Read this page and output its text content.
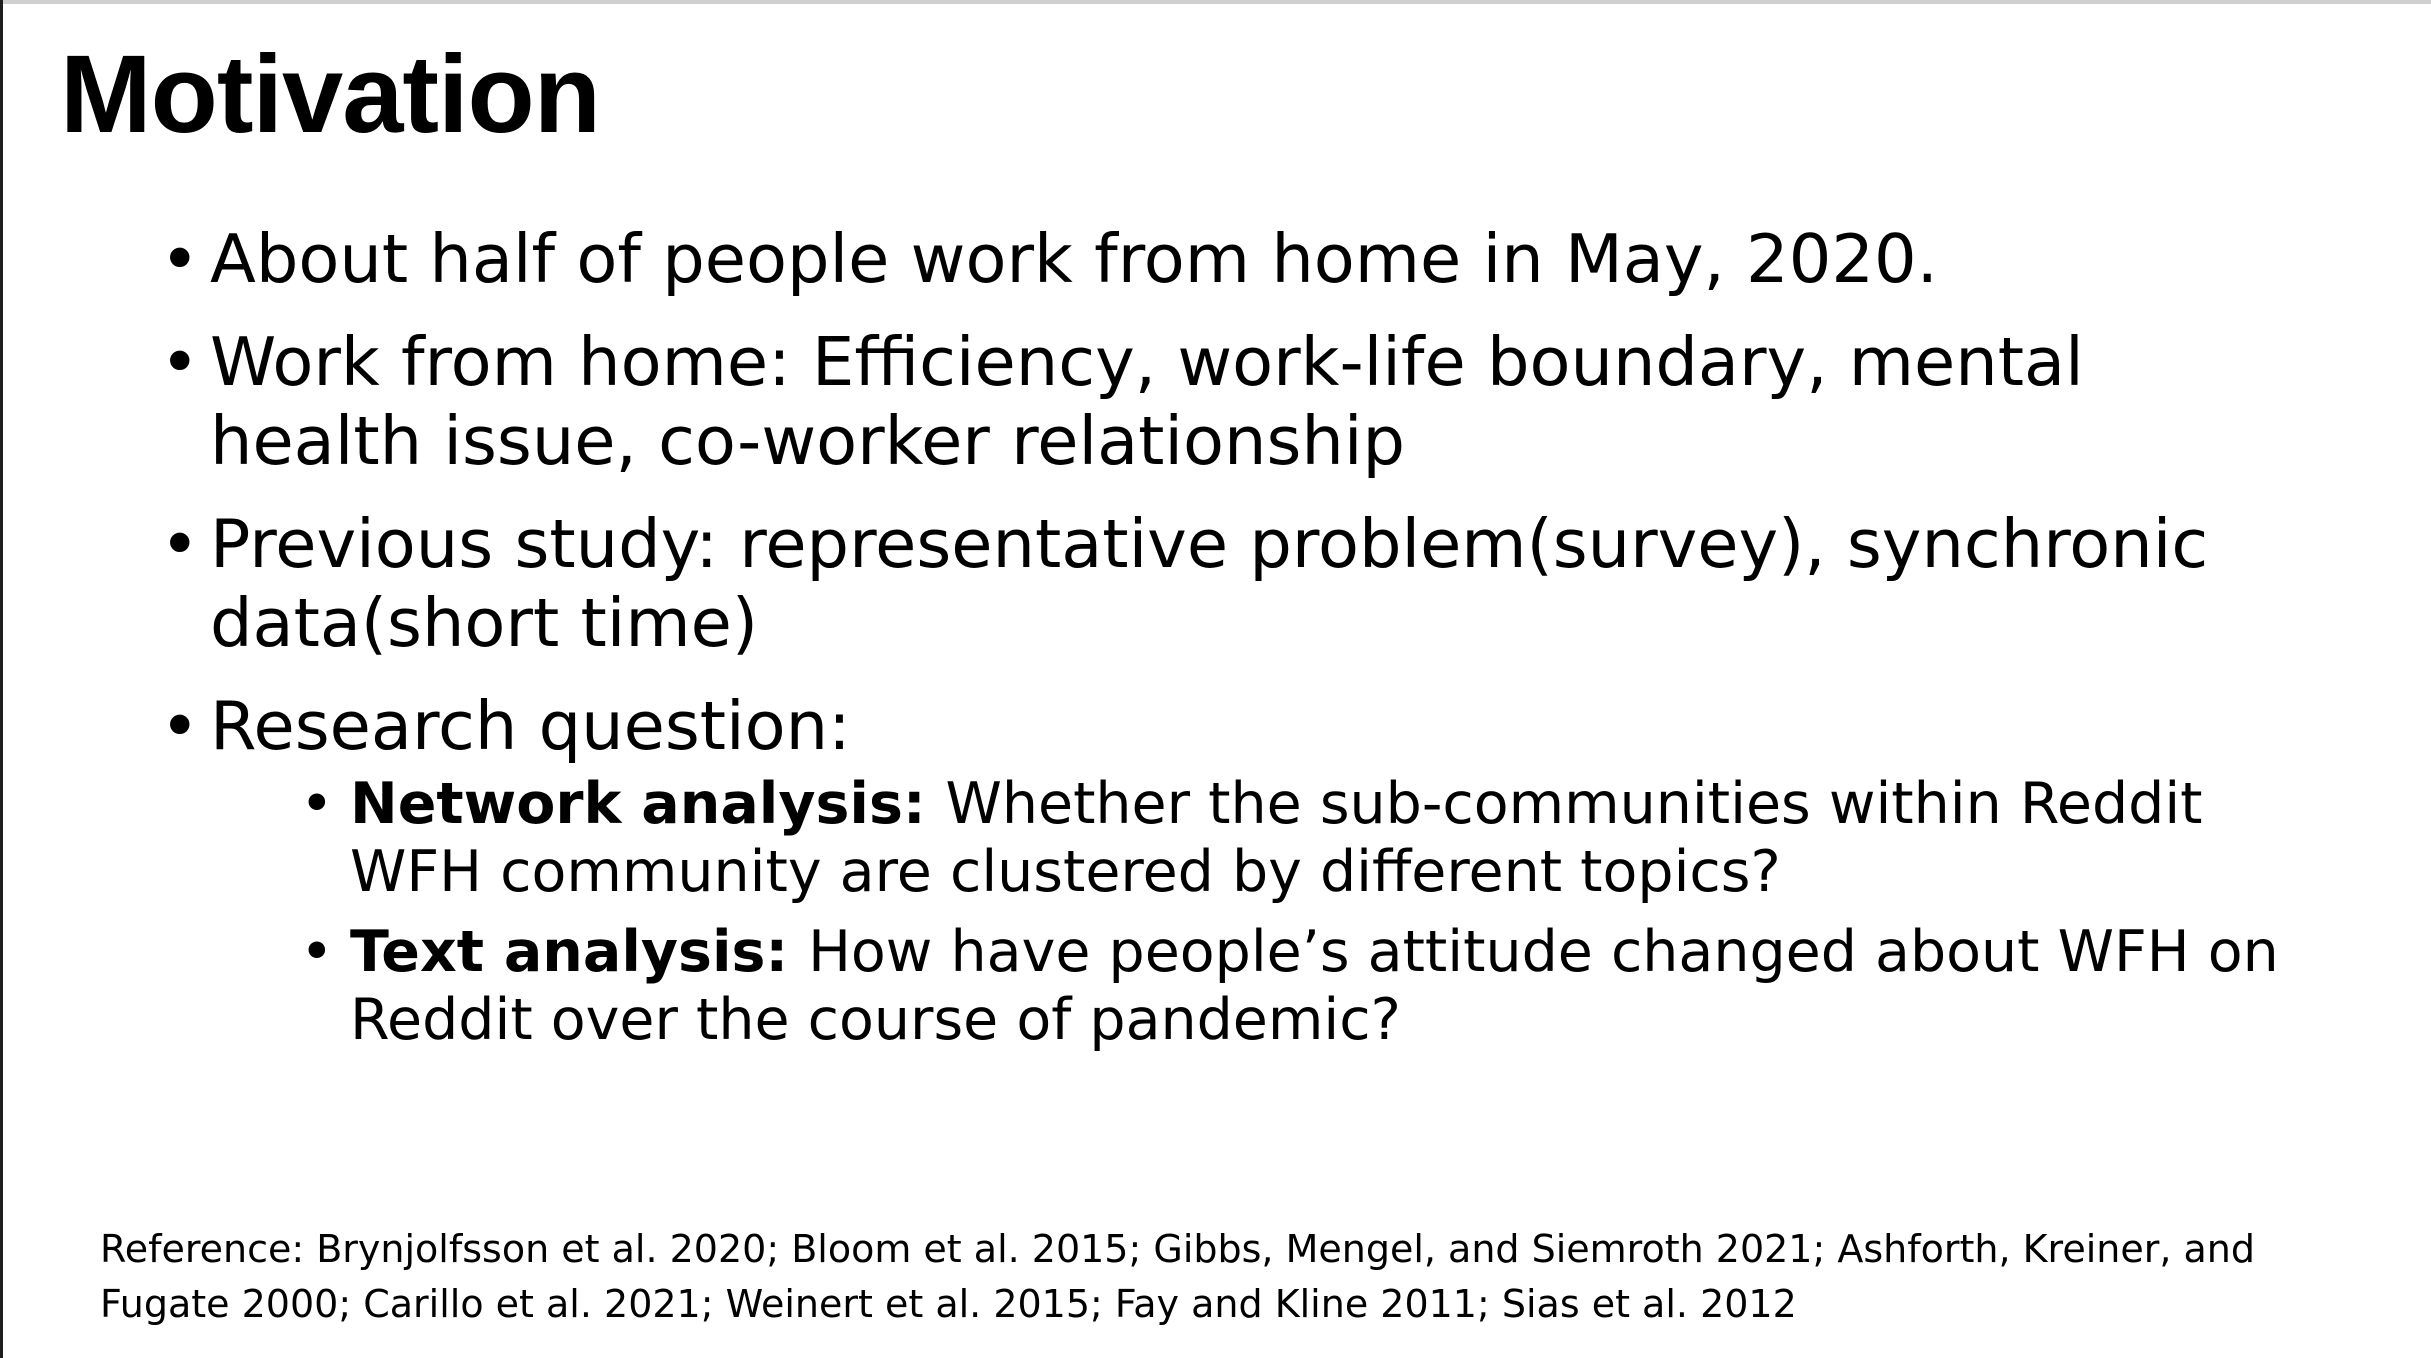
Motivation
• About half of people work from home in May, 2020.
• Work from home: Efficiency, work-life boundary, mental health issue, co-worker relationship
• Previous study: representative problem(survey), synchronic data(short time)
• Research question:
• Network analysis: Whether the sub-communities within Reddit WFH community are clustered by different topics?
• Text analysis: How have people’s attitude changed about WFH on Reddit over the course of pandemic?
Reference: Brynjolfsson et al. 2020; Bloom et al. 2015; Gibbs, Mengel, and Siemroth 2021; Ashforth, Kreiner, and Fugate 2000; Carillo et al. 2021; Weinert et al. 2015; Fay and Kline 2011; Sias et al. 2012
